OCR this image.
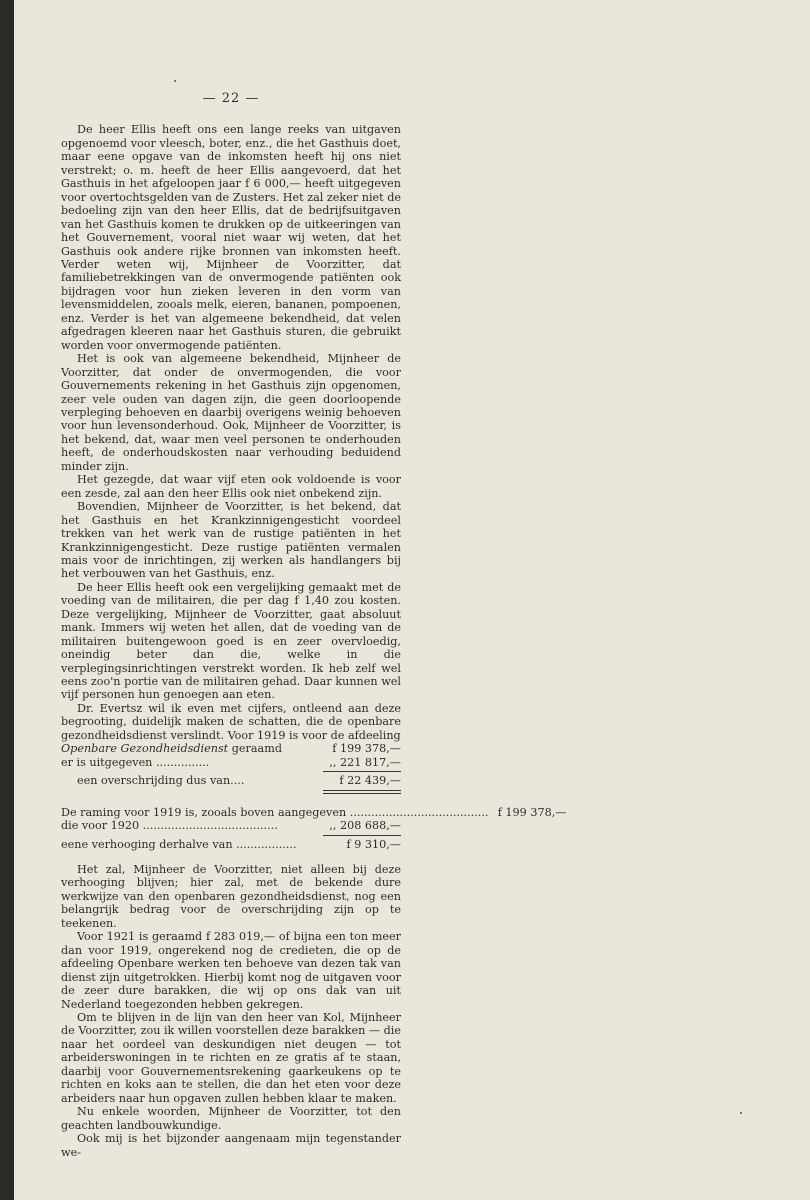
— 22 —

De heer Ellis heeft ons een lange reeks van uitgaven opgenoemd voor vleesch, boter, enz., die het Gasthuis doet, maar eene opgave van de inkomsten heeft hij ons niet verstrekt; o. m. heeft de heer Ellis aangevoerd, dat het Gasthuis in het afgeloopen jaar f 6 000,— heeft uitgegeven voor overtochtsgelden van de Zusters. Het zal zeker niet de bedoeling zijn van den heer Ellis, dat de bedrijfsuitgaven van het Gasthuis komen te drukken op de uitkeeringen van het Gouvernement, vooral niet waar wij weten, dat het Gasthuis ook andere rijke bronnen van inkomsten heeft. Verder weten wij, Mijnheer de Voorzitter, dat familiebetrekkingen van de onvermogende patiënten ook bijdragen voor hun zieken leveren in den vorm van levensmiddelen, zooals melk, eieren, bananen, pompoenen, enz. Verder is het van algemeene bekendheid, dat velen afgedragen kleeren naar het Gasthuis sturen, die gebruikt worden voor onvermogende patiënten.

Het is ook van algemeene bekendheid, Mijnheer de Voorzitter, dat onder de onvermogenden, die voor Gouvernements rekening in het Gasthuis zijn opgenomen, zeer vele ouden van dagen zijn, die geen doorloopende verpleging behoeven en daarbij overigens weinig behoeven voor hun levensonderhoud. Ook, Mijnheer de Voorzitter, is het bekend, dat, waar men veel personen te onderhouden heeft, de onderhoudskosten naar verhouding beduidend minder zijn.

Het gezegde, dat waar vijf eten ook voldoende is voor een zesde, zal aan den heer Ellis ook niet onbekend zijn.

Bovendien, Mijnheer de Voorzitter, is het bekend, dat het Gasthuis en het Krankzinnigengesticht voordeel trekken van het werk van de rustige patiënten in het Krankzinnigengesticht. Deze rustige patiënten vermalen mais voor de inrichtingen, zij werken als handlangers bij het verbouwen van het Gasthuis, enz.

De heer Ellis heeft ook een vergelijking gemaakt met de voeding van de militairen, die per dag f 1,40 zou kosten. Deze vergelijking, Mijnheer de Voorzitter, gaat absoluut mank. Immers wij weten het allen, dat de voeding van de militairen buitengewoon goed is en zeer overvloedig, oneindig beter dan die, welke in die verplegingsinrichtingen verstrekt worden. Ik heb zelf wel eens zoo'n portie van de militairen gehad. Daar kunnen wel vijf personen hun genoegen aan eten.

Dr. Evertsz wil ik even met cijfers, ontleend aan deze begrooting, duidelijk maken de schatten, die de openbare gezondheidsdienst verslindt. Voor 1919 is voor de afdeeling

Openbare Gezondheidsdienst geraamd	f 199 378,—
er is uitgegeven ...............	,, 221 817,—
een overschrijding dus van....	f 22 439,—
De raming voor 1919 is, zooals boven aangegeven ....................................... f 199 378,—
die voor 1920 ......................................	,, 208 688,—
eene verhooging derhalve van .................	f 9 310,—

Het zal, Mijnheer de Voorzitter, niet alleen bij deze verhooging blijven; hier zal, met de bekende dure werkwijze van den openbaren gezondheidsdienst, nog een belangrijk bedrag voor de overschrijding zijn op te teekenen.

Voor 1921 is geraamd f 283 019,— of bijna een ton meer dan voor 1919, ongerekend nog de credieten, die op de afdeeling Openbare werken ten behoeve van dezen tak van dienst zijn uitgetrokken. Hierbij komt nog de uitgaven voor de zeer dure barakken, die wij op ons dak van uit Nederland toegezonden hebben gekregen.

Om te blijven in de lijn van den heer van Kol, Mijnheer de Voorzitter, zou ik willen voorstellen deze barakken — die naar het oordeel van deskundigen niet deugen — tot arbeiderswoningen in te richten en ze gratis af te staan, daarbij voor Gouvernementsrekening gaarkeukens op te richten en koks aan te stellen, die dan het eten voor deze arbeiders naar hun opgaven zullen hebben klaar te maken.

Nu enkele woorden, Mijnheer de Voorzitter, tot den geachten landbouwkundige.

Ook mij is het bijzonder aangenaam mijn tegenstander we-
